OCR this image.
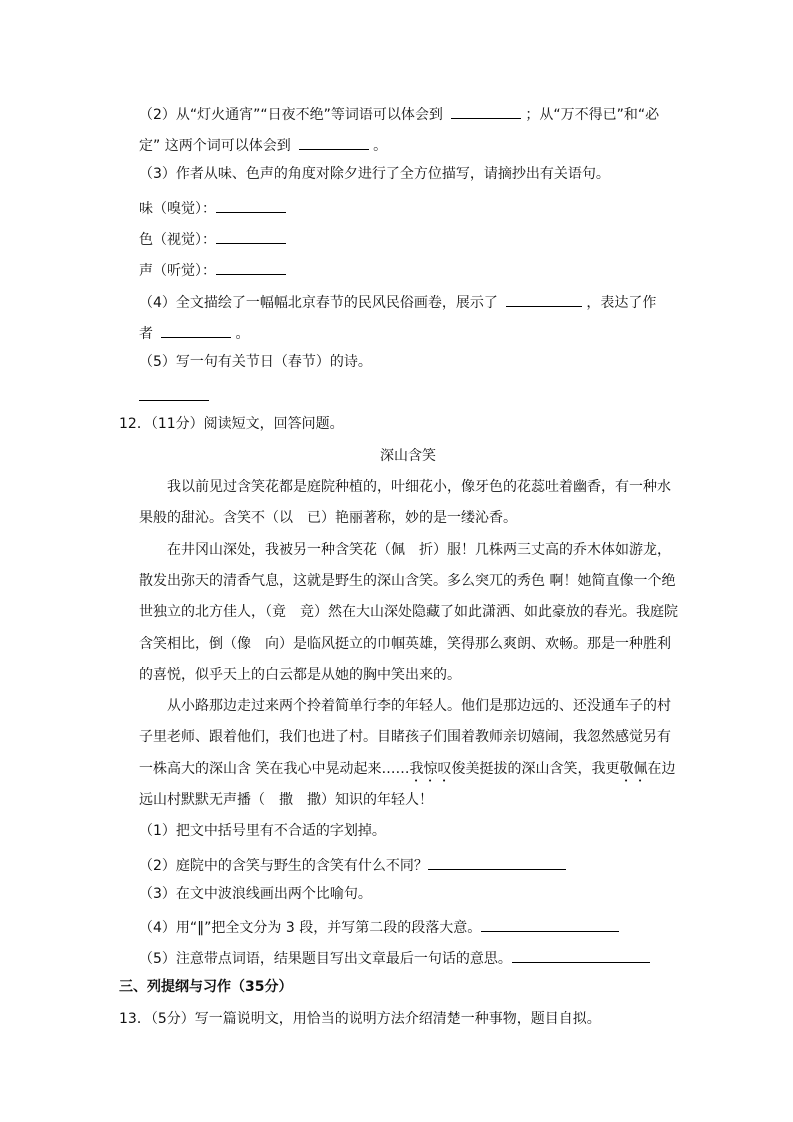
（2）从“灯火通宵”“日夜不绝”等词语可以体会到	；从“万不得已”和“必
定” 这两个词可以体会到	。
（3）作者从味、色声的角度对除夕进行了全方位描写，请摘抄出有关语句。
味（嗅觉）：
色（视觉）：
声（听觉）：
（4）全文描绘了一幅幅北京春节的民风民俗画卷，展示了	，表达了作
者	。
（5）写一句有关节日（春节）的诗。
12．（11分）阅读短文，回答问题。
深山含笑
我以前见过含笑花都是庭院种植的，叶细花小，像牙色的花蕊吐着幽香，有一种水
果般的甜沁。含笑不（以　已）艳丽著称，妙的是一缕沁香。
在井冈山深处，我被另一种含笑花（佩　折）服！几株两三丈高的乔木体如游龙，
散发出弥天的清香气息，这就是野生的深山含笑。多么突兀的秀色 啊！她简直像一个绝
世独立的北方佳人，（竟　竞）然在大山深处隐藏了如此潇洒、如此豪放的春光。我庭院
含笑相比，倒（像　向）是临风挺立的巾帼英雄，笑得那么爽朗、欢畅。那是一种胜利
的喜悦，似乎天上的白云都是从她的胸中笑出来的。
从小路那边走过来两个拎着简单行李的年轻人。他们是那边远的、还没通车子的村
子里老师、跟着他们，我们也进了村。目睹孩子们围着教师亲切嬉闹，我忽然感觉另有
一株高大的深山含 笑在我心中晃动起来……我惊叹俊美挺拔的深山含笑，我更敬佩在边
远山村默默无声播（　撒　撒）知识的年轻人！
（1）把文中括号里有不合适的字划掉。
（2）庭院中的含笑与野生的含笑有什么不同？
（3）在文中波浪线画出两个比喻句。
（4）用“‖”把全文分为 3 段，并写第二段的段落大意。
（5）注意带点词语，结果题目写出文章最后一句话的意思。
三、列提纲与习作（35分）
13．（5分）写一篇说明文，用恰当的说明方法介绍清楚一种事物，题目自拟。
